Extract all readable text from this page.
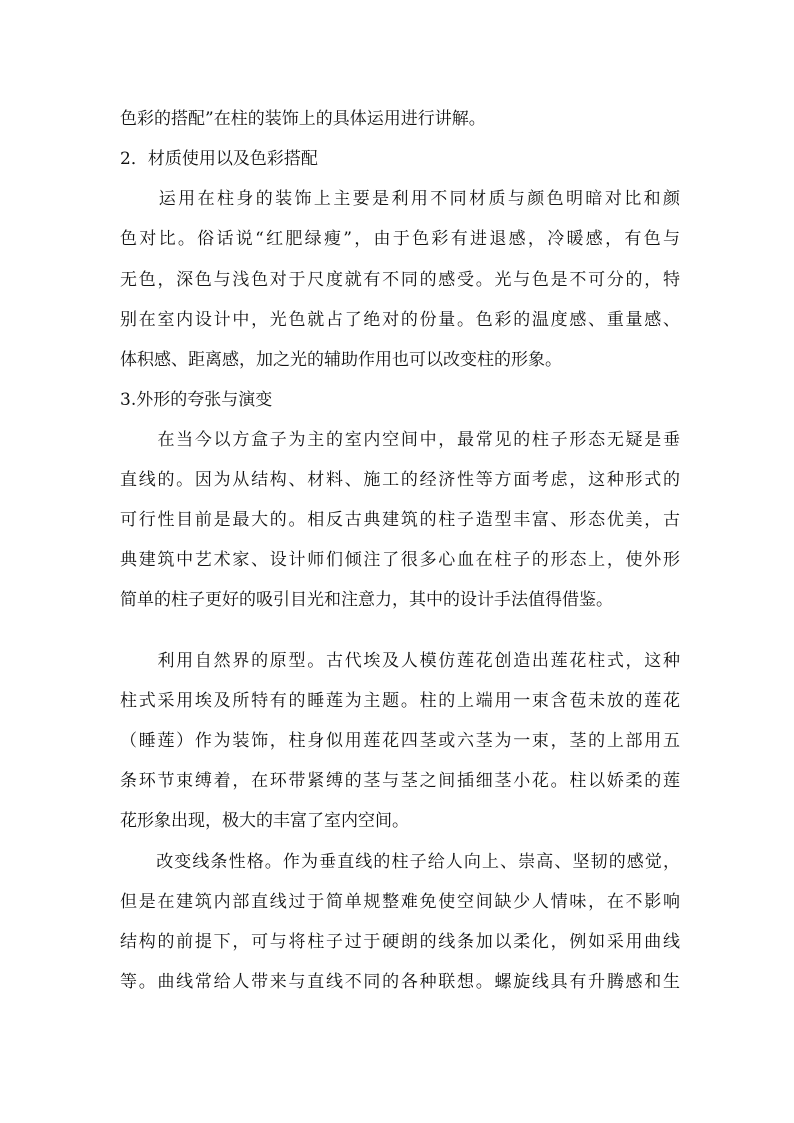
色彩的搭配”在柱的装饰上的具体运用进行讲解。
2．材质使用以及色彩搭配
　　运用在柱身的装饰上主要是利用不同材质与颜色明暗对比和颜
色对比。俗话说“红肥绿瘦”，由于色彩有进退感，冷暖感，有色与
无色，深色与浅色对于尺度就有不同的感受。光与色是不可分的，特
别在室内设计中，光色就占了绝对的份量。色彩的温度感、重量感、
体积感、距离感，加之光的辅助作用也可以改变柱的形象。
3.外形的夸张与演变
　　在当今以方盒子为主的室内空间中，最常见的柱子形态无疑是垂
直线的。因为从结构、材料、施工的经济性等方面考虑，这种形式的
可行性目前是最大的。相反古典建筑的柱子造型丰富、形态优美，古
典建筑中艺术家、设计师们倾注了很多心血在柱子的形态上，使外形
简单的柱子更好的吸引目光和注意力，其中的设计手法值得借鉴。
　　利用自然界的原型。古代埃及人模仿莲花创造出莲花柱式，这种
柱式采用埃及所特有的睡莲为主题。柱的上端用一束含苞未放的莲花
（睡莲）作为装饰，柱身似用莲花四茎或六茎为一束，茎的上部用五
条环节束缚着，在环带紧缚的茎与茎之间插细茎小花。柱以娇柔的莲
花形象出现，极大的丰富了室内空间。
　　改变线条性格。作为垂直线的柱子给人向上、崇高、坚韧的感觉，
但是在建筑内部直线过于简单规整难免使空间缺少人情味，在不影响
结构的前提下，可与将柱子过于硬朗的线条加以柔化，例如采用曲线
等。曲线常给人带来与直线不同的各种联想。螺旋线具有升腾感和生
